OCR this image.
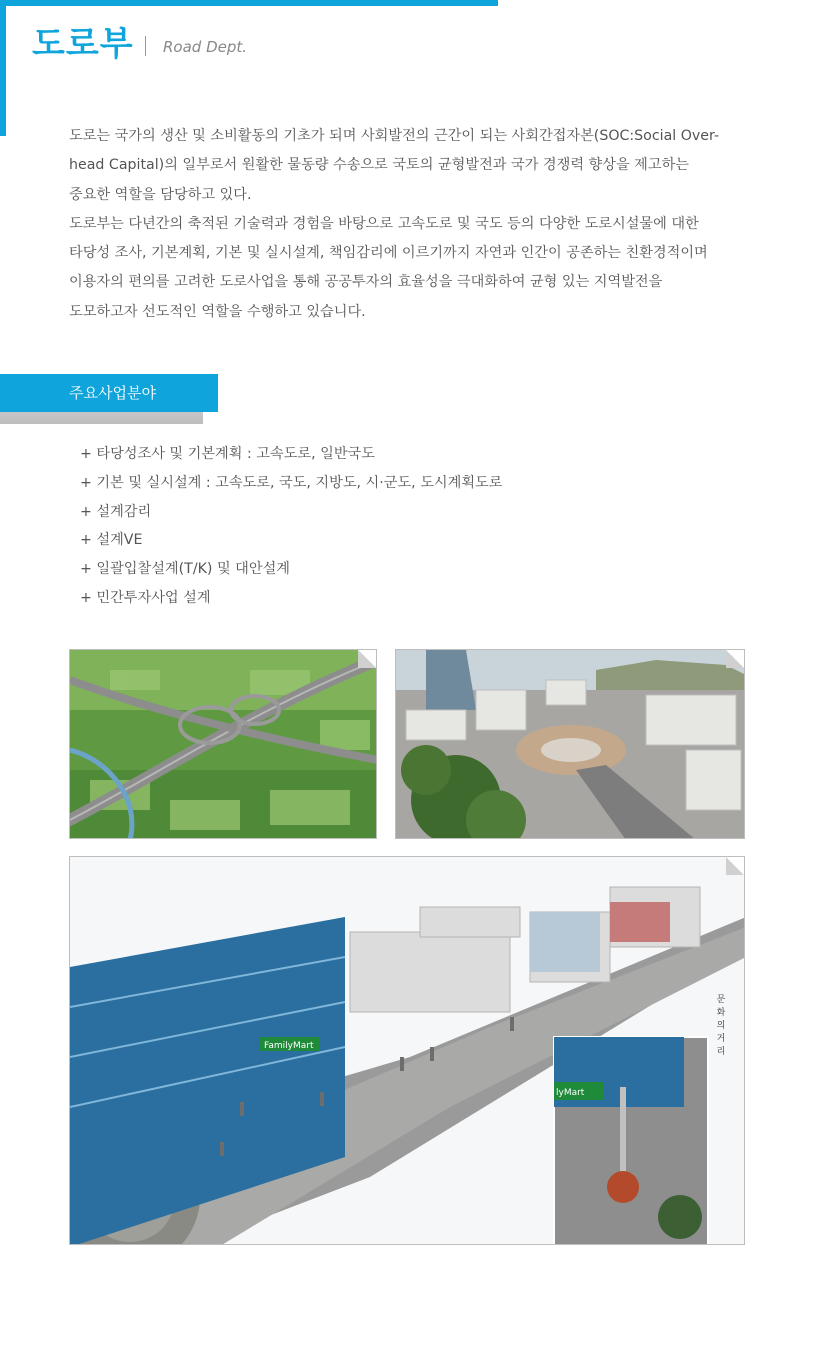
도로부 Road Dept.

도로는 국가의 생산 및 소비활동의 기초가 되며 사회발전의 근간이 되는 사회간접자본(SOC:Social Over-

head Capital)의 일부로서 원활한 물동량 수송으로 국토의 균형발전과 국가 경쟁력 향상을 제고하는

중요한 역할을 담당하고 있다.

도로부는 다년간의 축적된 기술력과 경험을 바탕으로 고속도로 및 국도 등의 다양한 도로시설물에 대한

타당성 조사, 기본계획, 기본 및 실시설계, 책임감리에 이르기까지 자연과 인간이 공존하는 친환경적이며

이용자의 편의를 고려한 도로사업을 통해 공공투자의 효율성을 극대화하여 균형 있는 지역발전을

도모하고자 선도적인 역할을 수행하고 있습니다.

주요사업분야
+ 타당성조사 및 기본계획 : 고속도로, 일반국도
+ 기본 및 실시설계 : 고속도로, 국도, 지방도, 시·군도, 도시계획도로
+ 설계감리
+ 설계VE
+ 일괄입찰설계(T/K) 및 대안설계
+ 민간투자사업 설계
FamilyMart
lyMart
문
화
의
거
리
